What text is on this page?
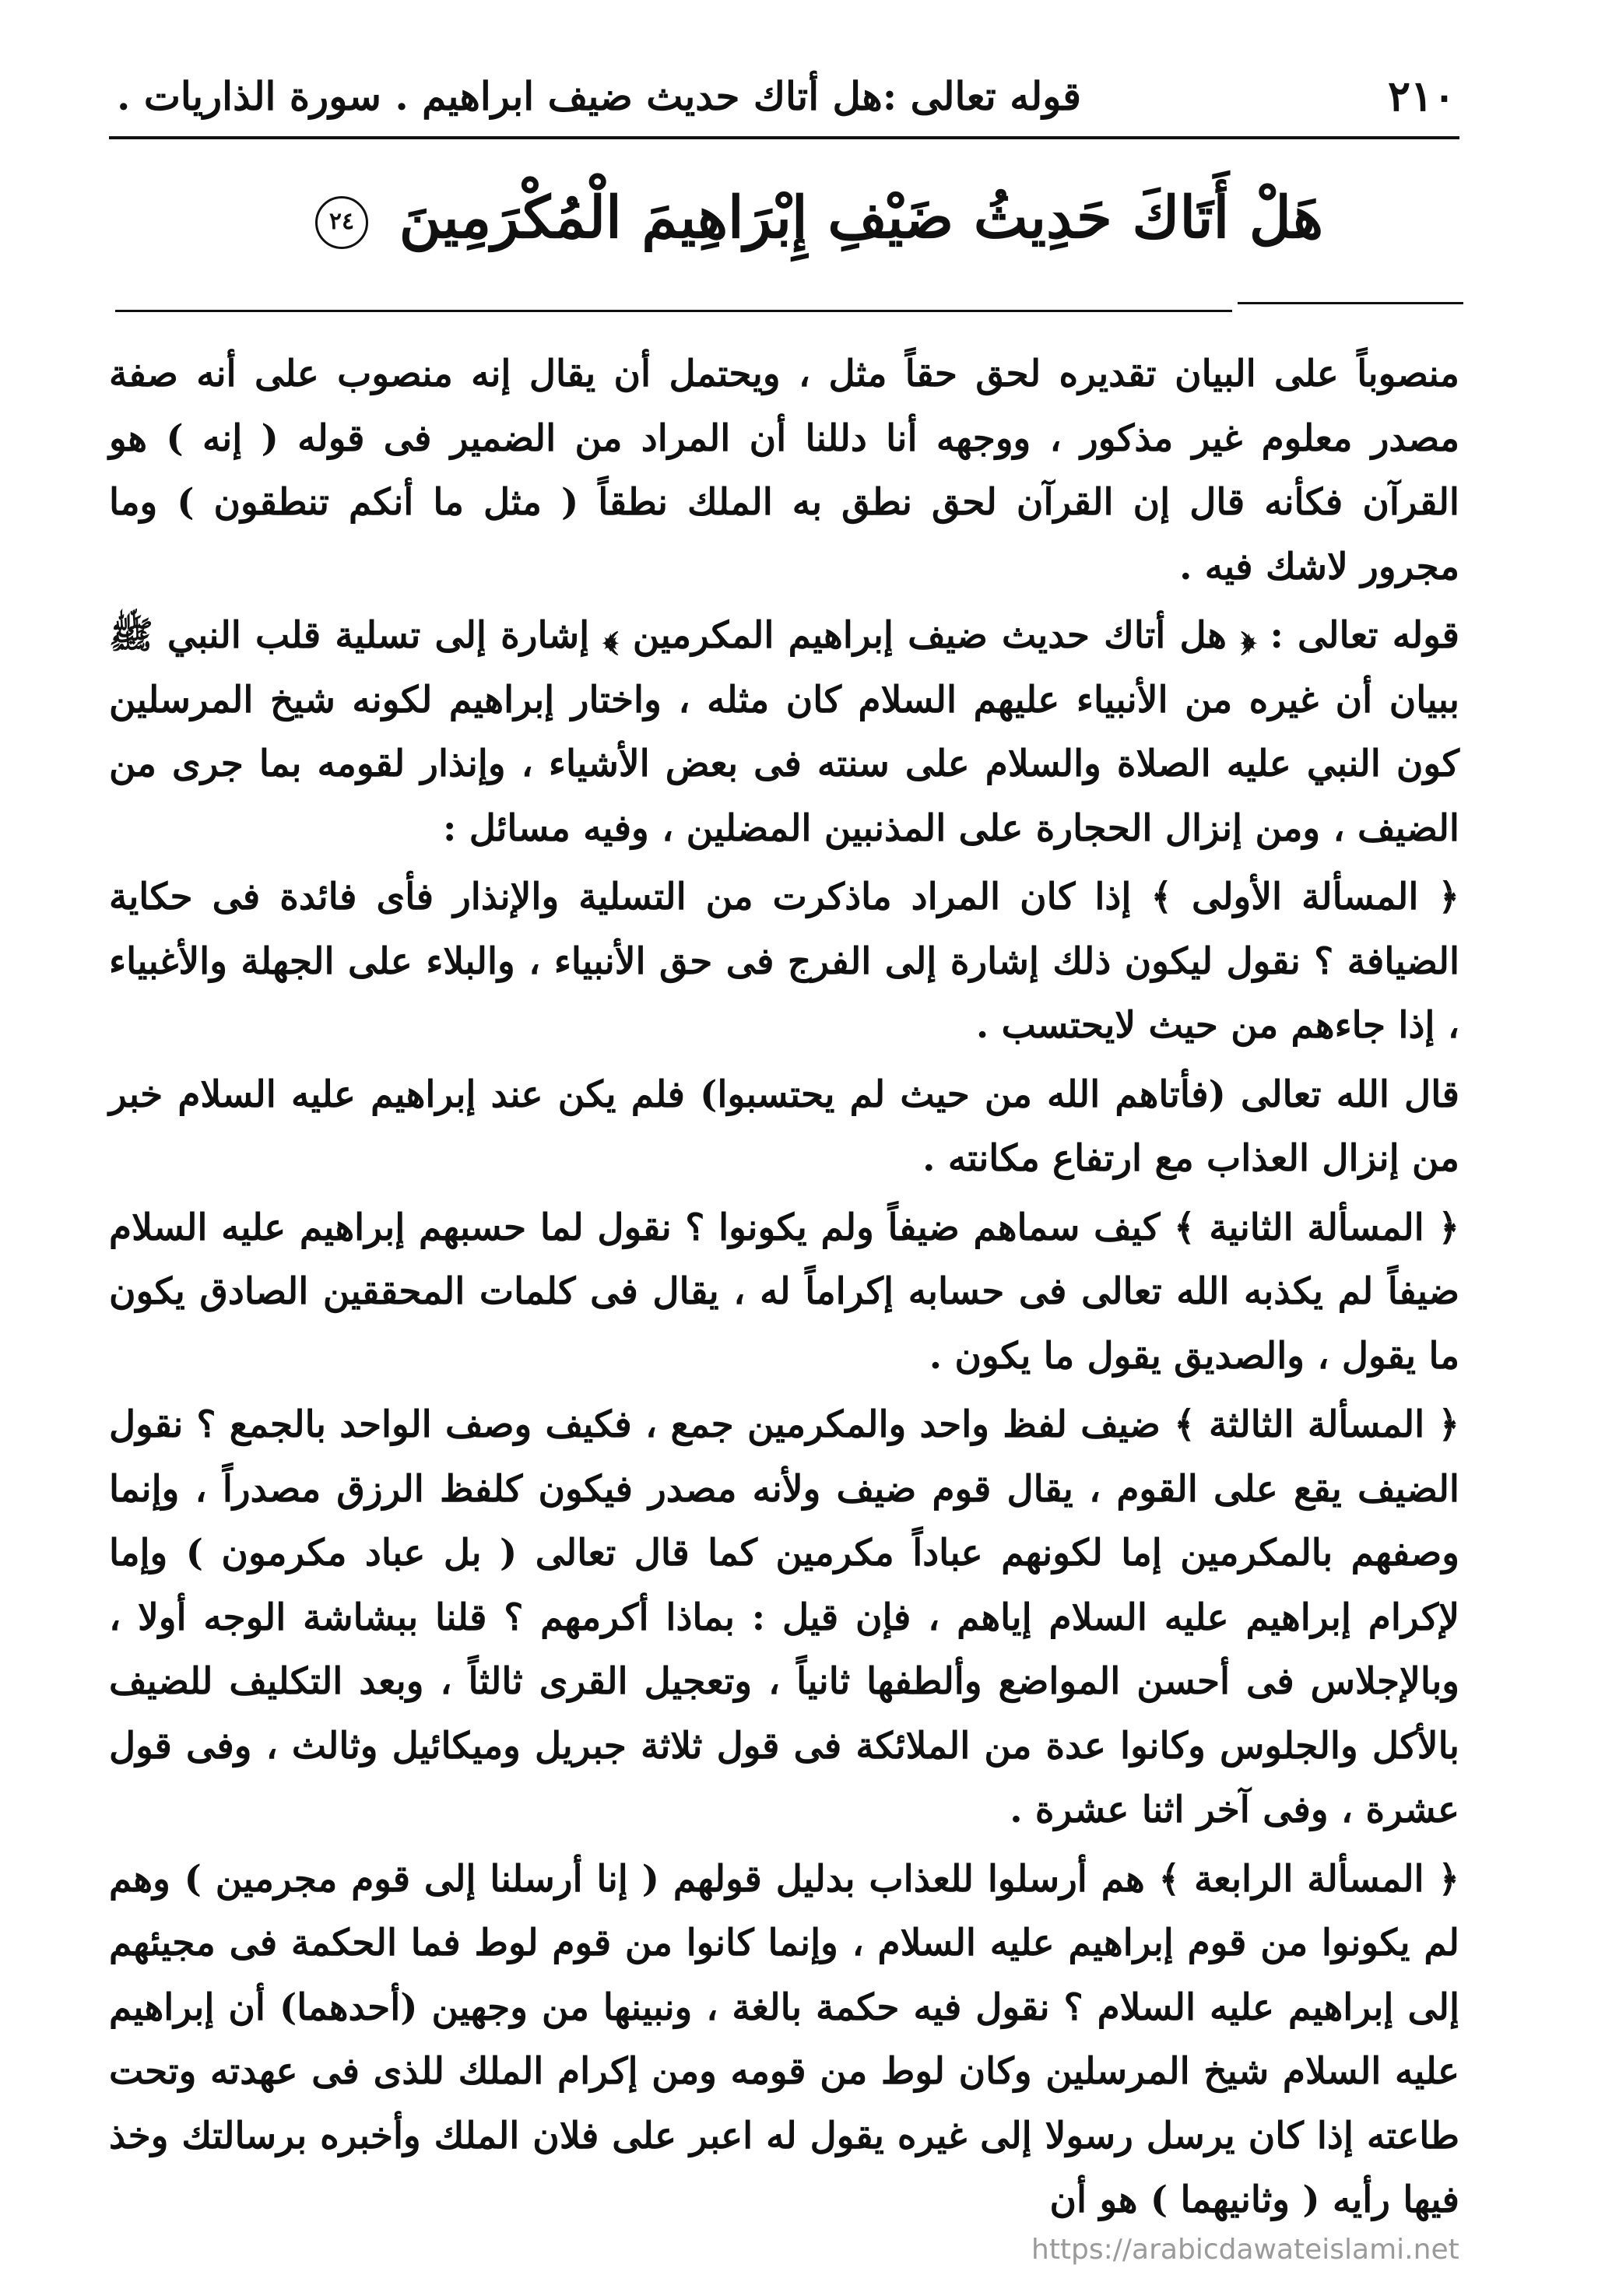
٢١٠
قوله تعالى :هل أتاك حديث ضيف ابراهيم . سورة الذاريات .
هَلْ أَتَاكَ حَدِيثُ ضَيْفِ إِبْرَاهِيمَ الْمُكْرَمِينَ ٢٤

منصوباً على البيان تقديره لحق حقاً مثل ، ويحتمل أن يقال إنه منصوب على أنه صفة مصدر معلوم غير مذكور ، ووجهه أنا دللنا أن المراد من الضمير فى قوله ( إنه ) هو القرآن فكأنه قال إن القرآن لحق نطق به الملك نطقاً ( مثل ما أنكم تنطقون ) وما مجرور لاشك فيه .

قوله تعالى : ﴿ هل أتاك حديث ضيف إبراهيم المكرمين ﴾ إشارة إلى تسلية قلب النبي ﷺ ببيان أن غيره من الأنبياء عليهم السلام كان مثله ، واختار إبراهيم لكونه شيخ المرسلين كون النبي عليه الصلاة والسلام على سنته فى بعض الأشياء ، وإنذار لقومه بما جرى من الضيف ، ومن إنزال الحجارة على المذنبين المضلين ، وفيه مسائل :

﴿ المسألة الأولى ﴾ إذا كان المراد ماذكرت من التسلية والإنذار فأى فائدة فى حكاية الضيافة ؟ نقول ليكون ذلك إشارة إلى الفرج فى حق الأنبياء ، والبلاء على الجهلة والأغبياء ، إذا جاءهم من حيث لايحتسب .

قال الله تعالى (فأتاهم الله من حيث لم يحتسبوا) فلم يكن عند إبراهيم عليه السلام خبر من إنزال العذاب مع ارتفاع مكانته .

﴿ المسألة الثانية ﴾ كيف سماهم ضيفاً ولم يكونوا ؟ نقول لما حسبهم إبراهيم عليه السلام ضيفاً لم يكذبه الله تعالى فى حسابه إكراماً له ، يقال فى كلمات المحققين الصادق يكون ما يقول ، والصديق يقول ما يكون .

﴿ المسألة الثالثة ﴾ ضيف لفظ واحد والمكرمين جمع ، فكيف وصف الواحد بالجمع ؟ نقول الضيف يقع على القوم ، يقال قوم ضيف ولأنه مصدر فيكون كلفظ الرزق مصدراً ، وإنما وصفهم بالمكرمين إما لكونهم عباداً مكرمين كما قال تعالى ( بل عباد مكرمون ) وإما لإكرام إبراهيم عليه السلام إياهم ، فإن قيل : بماذا أكرمهم ؟ قلنا ببشاشة الوجه أولا ، وبالإجلاس فى أحسن المواضع وألطفها ثانياً ، وتعجيل القرى ثالثاً ، وبعد التكليف للضيف بالأكل والجلوس وكانوا عدة من الملائكة فى قول ثلاثة جبريل وميكائيل وثالث ، وفى قول عشرة ، وفى آخر اثنا عشرة .

﴿ المسألة الرابعة ﴾ هم أرسلوا للعذاب بدليل قولهم ( إنا أرسلنا إلى قوم مجرمين ) وهم لم يكونوا من قوم إبراهيم عليه السلام ، وإنما كانوا من قوم لوط فما الحكمة فى مجيئهم إلى إبراهيم عليه السلام ؟ نقول فيه حكمة بالغة ، ونبينها من وجهين (أحدهما) أن إبراهيم عليه السلام شيخ المرسلين وكان لوط من قومه ومن إكرام الملك للذى فى عهدته وتحت طاعته إذا كان يرسل رسولا إلى غيره يقول له اعبر على فلان الملك وأخبره برسالتك وخذ فيها رأيه ( وثانيهما ) هو أن

https://arabicdawateislami.net
